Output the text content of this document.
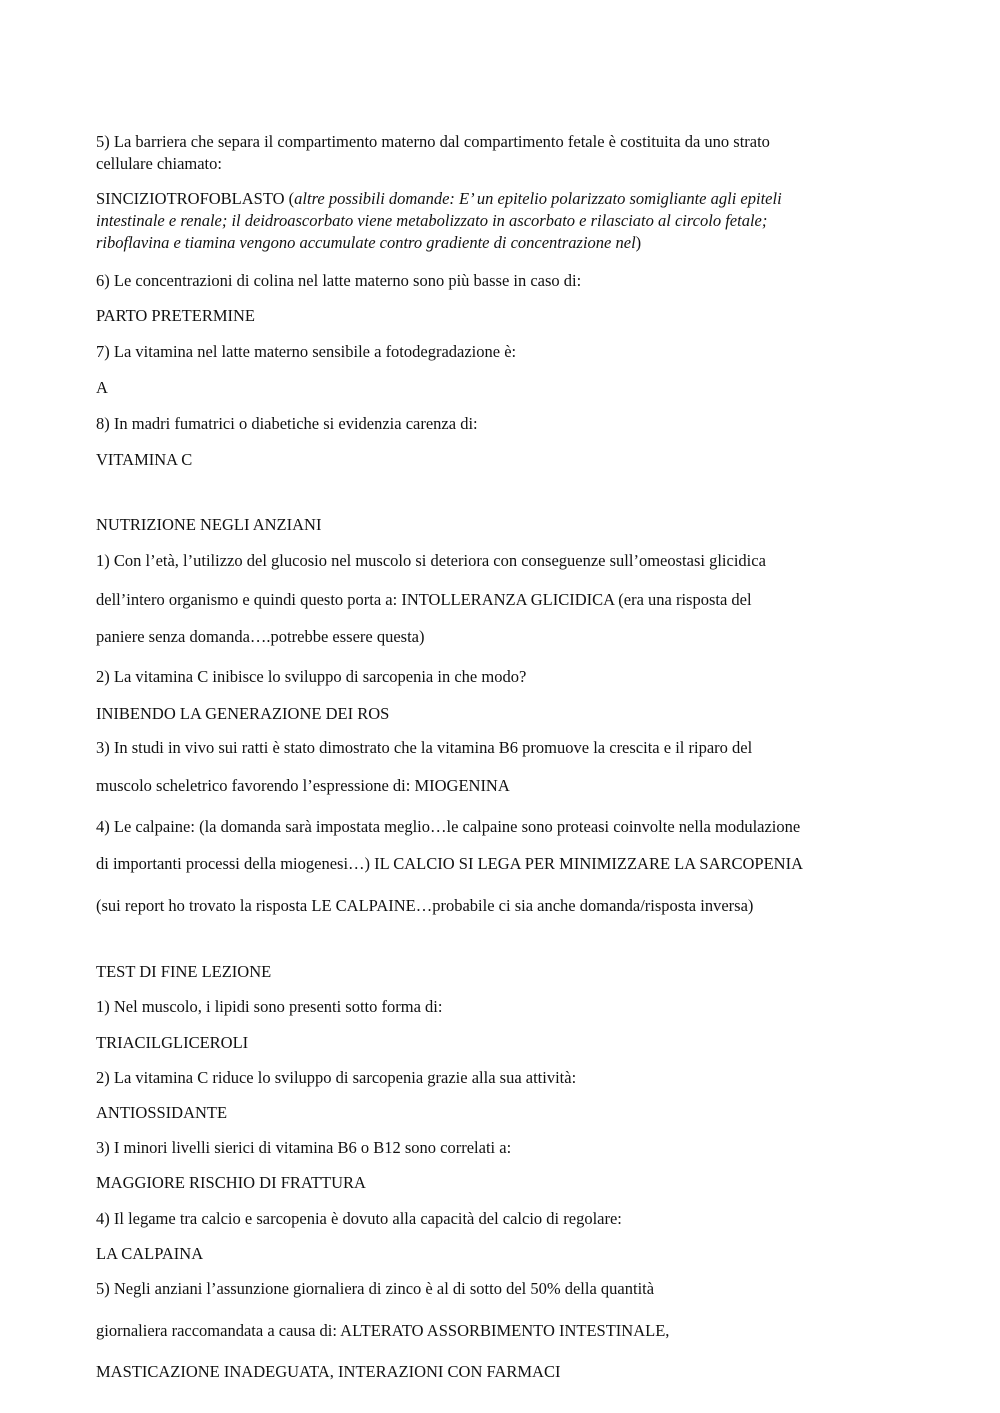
5) La barriera che separa il compartimento materno dal compartimento fetale è costituita da uno strato
cellulare chiamato:
SINCIZIOTROFOBLASTO (altre possibili domande: E’ un epitelio polarizzato somigliante agli epiteli
intestinale e renale; il deidroascorbato viene metabolizzato in ascorbato e rilasciato al circolo fetale;
riboflavina e tiamina vengono accumulate contro gradiente di concentrazione nel)
6) Le concentrazioni di colina nel latte materno sono più basse in caso di:
PARTO PRETERMINE
7) La vitamina nel latte materno sensibile a fotodegradazione è:
A
8) In madri fumatrici o diabetiche si evidenzia carenza di:
VITAMINA C
NUTRIZIONE NEGLI ANZIANI
1) Con l’età, l’utilizzo del glucosio nel muscolo si deteriora con conseguenze sull’omeostasi glicidica
dell’intero organismo e quindi questo porta a: INTOLLERANZA GLICIDICA (era una risposta del
paniere senza domanda….potrebbe essere questa)
2) La vitamina C inibisce lo sviluppo di sarcopenia in che modo?
INIBENDO LA GENERAZIONE DEI ROS
3) In studi in vivo sui ratti è stato dimostrato che la vitamina B6 promuove la crescita e il riparo del
muscolo scheletrico favorendo l’espressione di: MIOGENINA
4) Le calpaine: (la domanda sarà impostata meglio…le calpaine sono proteasi coinvolte nella modulazione
di importanti processi della miogenesi…) IL CALCIO SI LEGA PER MINIMIZZARE LA SARCOPENIA
(sui report ho trovato la risposta LE CALPAINE…probabile ci sia anche domanda/risposta inversa)
TEST DI FINE LEZIONE
1) Nel muscolo, i lipidi sono presenti sotto forma di:
TRIACILGLICEROLI
2) La vitamina C riduce lo sviluppo di sarcopenia grazie alla sua attività:
ANTIOSSIDANTE
3) I minori livelli sierici di vitamina B6 o B12 sono correlati a:
MAGGIORE RISCHIO DI FRATTURA
4) Il legame tra calcio e sarcopenia è dovuto alla capacità del calcio di regolare:
LA CALPAINA
5) Negli anziani l’assunzione giornaliera di zinco è al di sotto del 50% della quantità
giornaliera raccomandata a causa di: ALTERATO ASSORBIMENTO INTESTINALE,
MASTICAZIONE INADEGUATA, INTERAZIONI CON FARMACI
